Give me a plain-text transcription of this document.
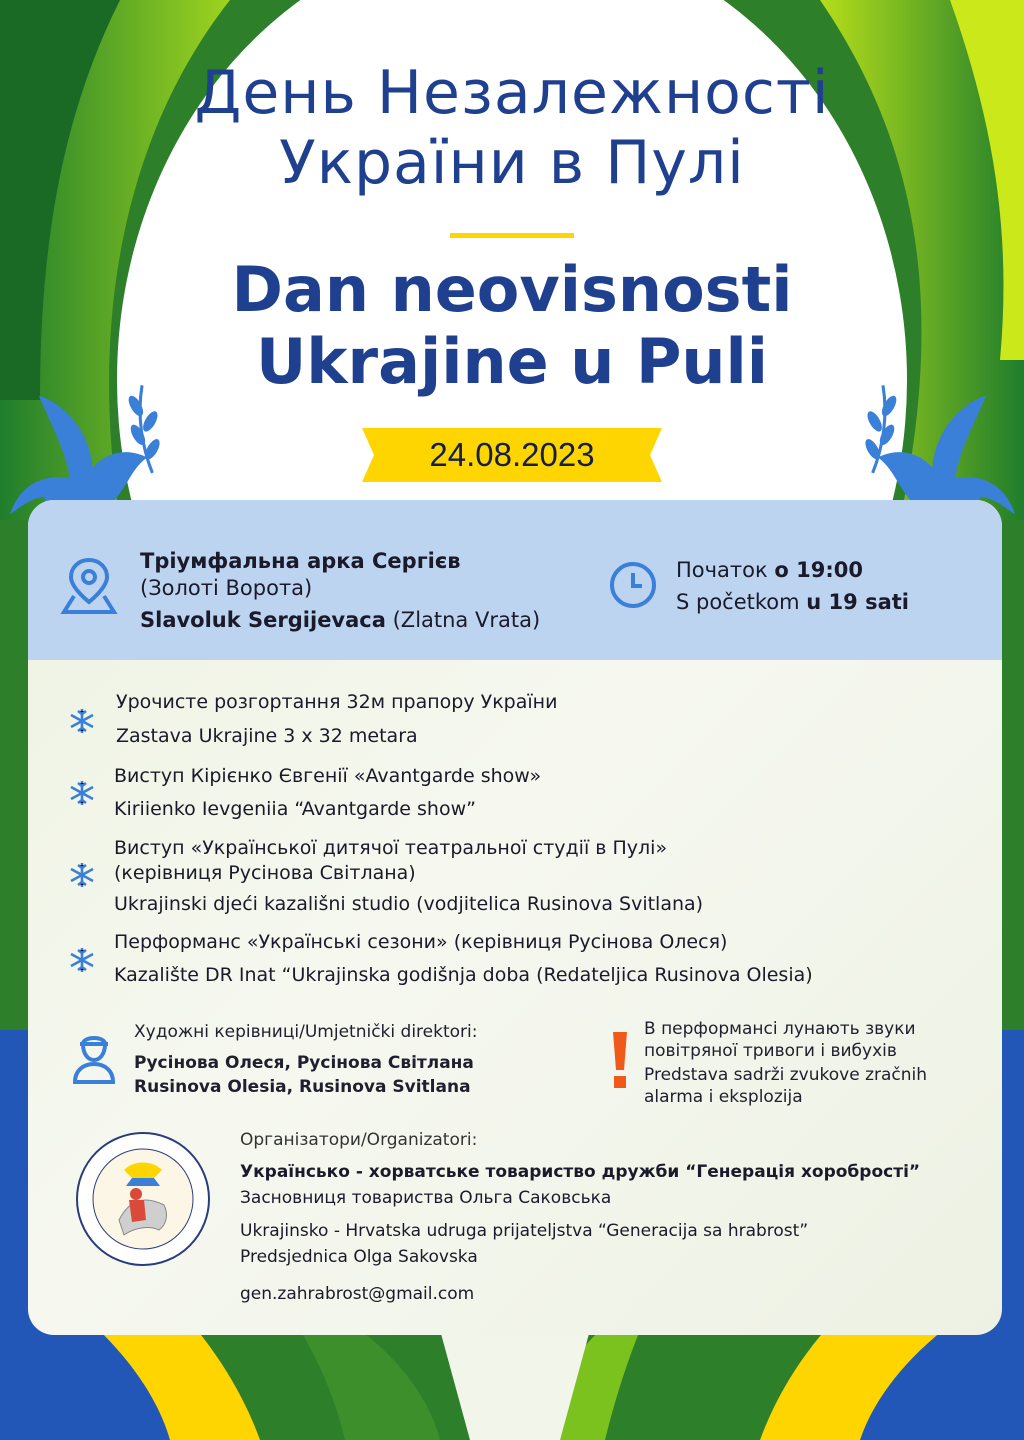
День Незалежності
України в Пулі
Dan neovisnosti
Ukrajine u Puli
24.08.2023
Тріумфальна арка Сергієв
(Золоті Ворота)
Slavoluk Sergijevaca (Zlatna Vrata)
Початок о 19:00
S početkom u 19 sati
Урочисте розгортання 32м прапору України
Zastava Ukrajine 3 x 32 metara
Виступ Кірієнко Євгенії «Avantgarde show»
Kiriienko Ievgeniia “Avantgarde show”
Виступ «Української дитячої театральної студії в Пулі»
(керівниця Русінова Світлана)
Ukrajinski djeći kazališni studio (vodjitelica Rusinova Svitlana)
Перформанс «Українські сезони» (керівниця Русінова Олеся)
Kazalište DR Inat “Ukrajinska godišnja doba (Redateljica Rusinova Olesia)
Художні керівниці/Umjetnički direktori:
Русінова Олеся, Русінова Світлана
Rusinova Olesia, Rusinova Svitlana
В перформансі лунають звуки
повітряної тривоги і вибухів
Predstava sadrži zvukove zračnih
alarma i eksplozija
Організатори/Organizatori:
Українсько - хорватське товариство дружби “Генерація хоробрості”
Засновниця товариства Ольга Саковська
Ukrajinsko - Hrvatska udruga prijateljstva “Generacija sa hrabrost”
Predsjednica Olga Sakovska
gen.zahrabrost@gmail.com
